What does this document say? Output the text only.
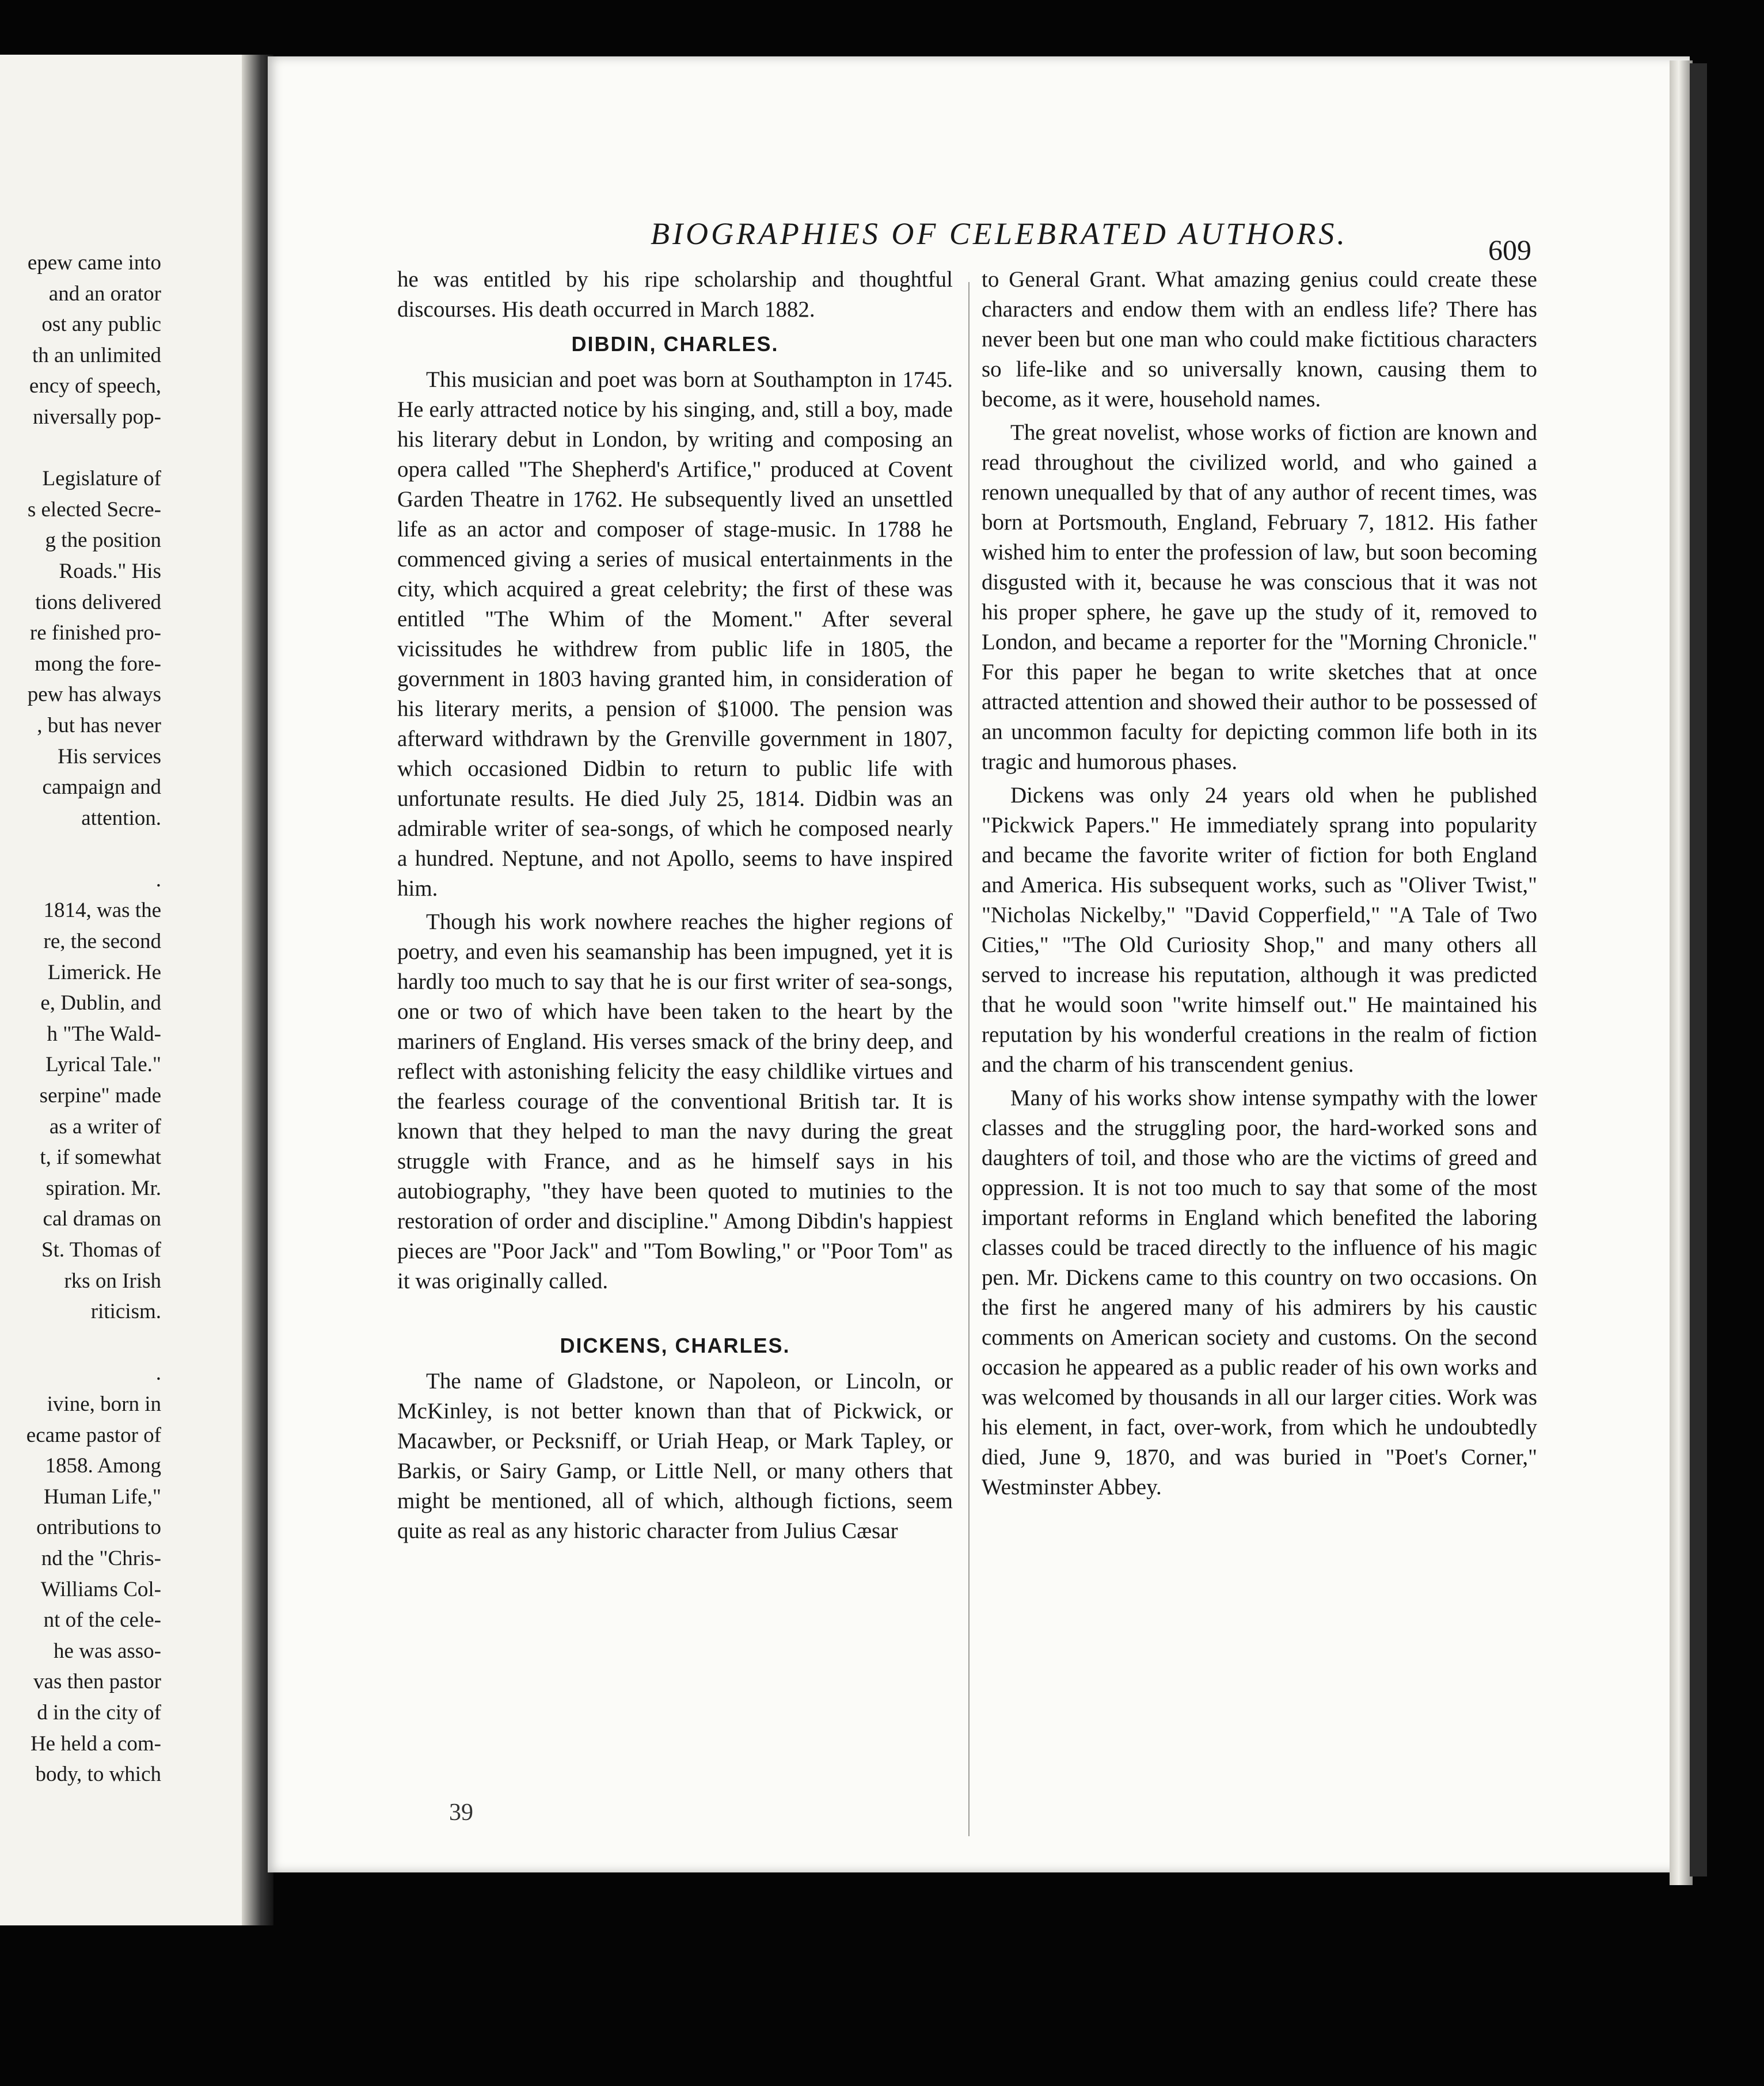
epew came into
and an orator
ost any public
th an unlimited
ency of speech,
niversally pop-
Legislature of
s elected Secre-
g the position
Roads." His
tions delivered
re finished pro-
mong the fore-
pew has always
, but has never
His services
campaign and
attention.
.
1814, was the
re, the second
Limerick. He
e, Dublin, and
h "The Wald-
Lyrical Tale."
serpine" made
as a writer of
t, if somewhat
spiration. Mr.
cal dramas on
St. Thomas of
rks on Irish
riticism.
.
ivine, born in
ecame pastor of
1858. Among
Human Life,"
ontributions to
nd the "Chris-
Williams Col-
nt of the cele-
he was asso-
vas then pastor
d in the city of
He held a com-
body, to which
BIOGRAPHIES OF CELEBRATED AUTHORS.	609

he was entitled by his ripe scholarship and thoughtful discourses. His death occurred in March 1882.

DIBDIN, CHARLES.

This musician and poet was born at Southampton in 1745. He early attracted notice by his singing, and, still a boy, made his literary debut in London, by writing and composing an opera called "The Shepherd's Artifice," produced at Covent Garden Theatre in 1762. He subsequently lived an unsettled life as an actor and composer of stage-music. In 1788 he commenced giving a series of musical entertainments in the city, which acquired a great celebrity; the first of these was entitled "The Whim of the Moment." After several vicissitudes he withdrew from public life in 1805, the government in 1803 having granted him, in consideration of his literary merits, a pension of $1000. The pension was afterward withdrawn by the Grenville government in 1807, which occasioned Didbin to return to public life with unfortunate results. He died July 25, 1814. Didbin was an admirable writer of sea-songs, of which he composed nearly a hundred. Neptune, and not Apollo, seems to have inspired him.

Though his work nowhere reaches the higher regions of poetry, and even his seamanship has been impugned, yet it is hardly too much to say that he is our first writer of sea-songs, one or two of which have been taken to the heart by the mariners of England. His verses smack of the briny deep, and reflect with astonishing felicity the easy childlike virtues and the fearless courage of the conventional British tar. It is known that they helped to man the navy during the great struggle with France, and as he himself says in his autobiography, "they have been quoted to mutinies to the restoration of order and discipline." Among Dibdin's happiest pieces are "Poor Jack" and "Tom Bowling," or "Poor Tom" as it was originally called.

DICKENS, CHARLES.

The name of Gladstone, or Napoleon, or Lincoln, or McKinley, is not better known than that of Pickwick, or Macawber, or Pecksniff, or Uriah Heap, or Mark Tapley, or Barkis, or Sairy Gamp, or Little Nell, or many others that might be mentioned, all of which, although fictions, seem quite as real as any historic character from Julius Cæsar

to General Grant. What amazing genius could create these characters and endow them with an endless life? There has never been but one man who could make fictitious characters so life-like and so universally known, causing them to become, as it were, household names.

The great novelist, whose works of fiction are known and read throughout the civilized world, and who gained a renown unequalled by that of any author of recent times, was born at Portsmouth, England, February 7, 1812. His father wished him to enter the profession of law, but soon becoming disgusted with it, because he was conscious that it was not his proper sphere, he gave up the study of it, removed to London, and became a reporter for the "Morning Chronicle." For this paper he began to write sketches that at once attracted attention and showed their author to be possessed of an uncommon faculty for depicting common life both in its tragic and humorous phases.

Dickens was only 24 years old when he published "Pickwick Papers." He immediately sprang into popularity and became the favorite writer of fiction for both England and America. His subsequent works, such as "Oliver Twist," "Nicholas Nickelby," "David Copperfield," "A Tale of Two Cities," "The Old Curiosity Shop," and many others all served to increase his reputation, although it was predicted that he would soon "write himself out." He maintained his reputation by his wonderful creations in the realm of fiction and the charm of his transcendent genius.

Many of his works show intense sympathy with the lower classes and the struggling poor, the hard-worked sons and daughters of toil, and those who are the victims of greed and oppression. It is not too much to say that some of the most important reforms in England which benefited the laboring classes could be traced directly to the influence of his magic pen. Mr. Dickens came to this country on two occasions. On the first he angered many of his admirers by his caustic comments on American society and customs. On the second occasion he appeared as a public reader of his own works and was welcomed by thousands in all our larger cities. Work was his element, in fact, over-work, from which he undoubtedly died, June 9, 1870, and was buried in "Poet's Corner," Westminster Abbey.

39
